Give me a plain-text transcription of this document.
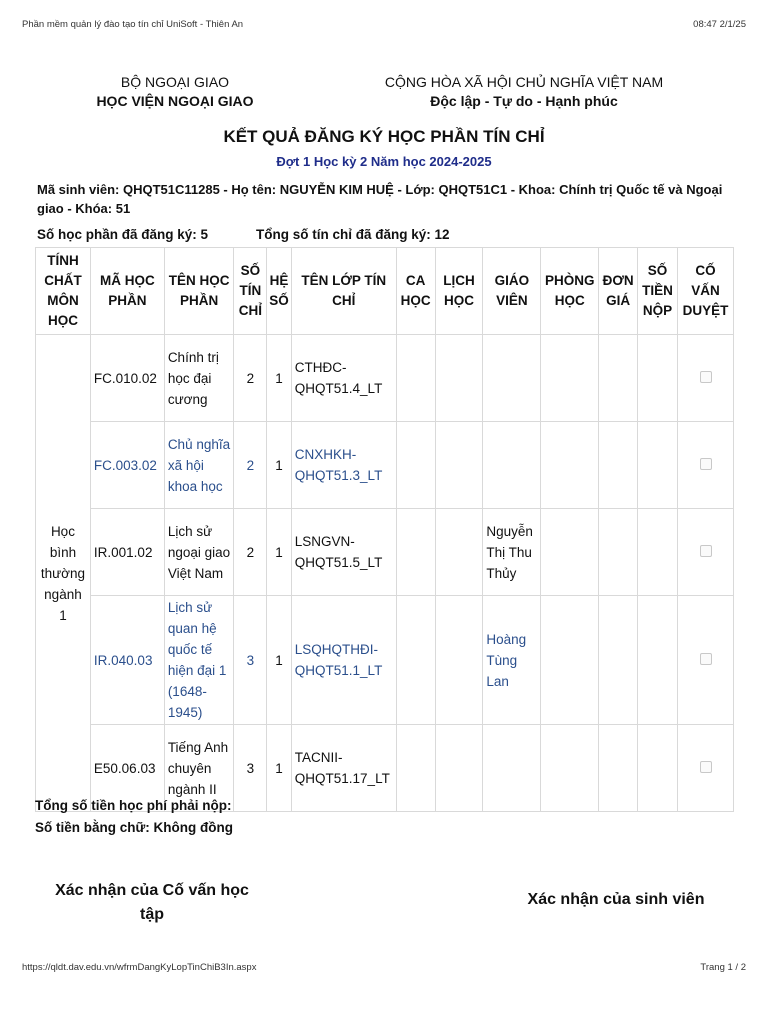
Phần mềm quản lý đào tạo tín chỉ UniSoft - Thiên An	08:47 2/1/25
BỘ NGOẠI GIAO
HỌC VIỆN NGOẠI GIAO
CỘNG HÒA XÃ HỘI CHỦ NGHĨA VIỆT NAM
Độc lập - Tự do - Hạnh phúc
KẾT QUẢ ĐĂNG KÝ HỌC PHẦN TÍN CHỈ
Đợt 1 Học kỳ 2 Năm học 2024-2025
Mã sinh viên: QHQT51C11285 - Họ tên: NGUYỄN KIM HUỆ - Lớp: QHQT51C1 - Khoa: Chính trị Quốc tế và Ngoại giao - Khóa: 51
Số học phần đã đăng ký: 5	Tổng số tín chỉ đã đăng ký: 12
TÍNH CHẤT MÔN HỌC	MÃ HỌC PHẦN	TÊN HỌC PHẦN	SỐ TÍN CHỈ	HỆ SỐ	TÊN LỚP TÍN CHỈ	CA HỌC	LỊCH HỌC	GIÁO VIÊN	PHÒNG HỌC	ĐƠN GIÁ	SỐ TIỀN NỘP	CỐ VẤN DUYỆT
Học bình thường ngành 1	FC.010.02	Chính trị học đại cương	2	1	CTHĐC-QHQT51.4_LT							
	FC.003.02	Chủ nghĩa xã hội khoa học	2	1	CNXHKH-QHQT51.3_LT							
	IR.001.02	Lịch sử ngoại giao Việt Nam	2	1	LSNGVN-QHQT51.5_LT			Nguyễn Thị Thu Thủy				
	IR.040.03	Lịch sử quan hệ quốc tế hiện đại 1 (1648-1945)	3	1	LSQHQTHĐI-QHQT51.1_LT			Hoàng Tùng Lan				
	E50.06.03	Tiếng Anh chuyên ngành II	3	1	TACNII-QHQT51.17_LT							
Tổng số tiền học phí phải nộp:
Số tiền bằng chữ: Không đồng
Xác nhận của Cố vấn học tập
Xác nhận của sinh viên
https://qldt.dav.edu.vn/wfrmDangKyLopTinChiB3In.aspx	Trang 1 / 2
